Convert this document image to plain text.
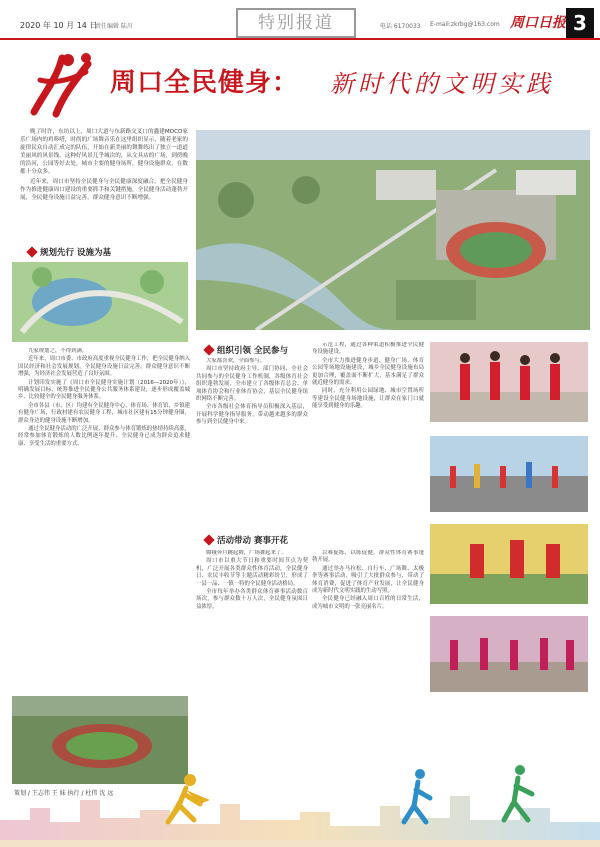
2020 年 10 月 14 日
责任编辑 陆川	特别报道	电话 6170033 E-mail:zkrbg@163.com 周口日报 3
周口全民健身： 新时代的文明实践

晚了时许，东坊以上，周口大道与东新路交叉口的鑫建MOCO家乐广场内的鸡哆嗒，时尚的广场舞音乐在这里组织显示，随着老家的旋律民众自动汇成完的队伍，开始在新美丽的舞舞练出了独立一道道美丽风的风景线。这种好风景几乎城次的，从文具店的广场，到傍晚的沿河，公园等好去处，城市主要的健身场所，健身设施群众，在数都十分众多。

近年来，周口市坚持全民健身与全民健康深度融合，把全民健身作为推进健康周口建设的重要抓手和关键措施，全民健身活动蓬勃开展，全民健身设施日益完善，群众健身意识不断增强。

规划先行 设施为基

九家规划之，不得到满。

近年来，周口市委、市政府高度重视全民健身工作，把全民健身纳入国民经济和社会发展规划，全民健身设施日益完善，群众健身意识不断增强，为经济社会发展营造了良好氛围。

计划印发实施了《周口市全民健身实施计划（2016—2020年）》，明确发展目标，统筹推进全民健身公共服务体系建设，逐步形成覆盖城乡、比较健全的全民健身服务体系。

全市各县（市、区）均建有全民健身中心、体育场、体育馆，乡镇建有健身广场，行政村建有农民健身工程，城市社区建有15分钟健身圈，群众身边的健身设施不断增加。

通过全民健身活动的广泛开展，群众参与体育锻炼的热情持续高涨，经常参加体育锻炼的人数比例逐年提升，全民健身已成为群众追求健康、享受生活的重要方式。

策划 / 王志伟 王 妹 执行 / 杜伟 沈 远
组织引领 全民参与

大家都喜欢，全面参与。

周口市坚持政府主导、部门协同、全社会共同参与的全民健身工作机制，各级体育社会组织蓬勃发展，全市建立了各级体育总会、单项体育协会和行业体育协会，基层全民健身组织网络不断完善。

全市各级社会体育指导员积极深入基层，开展科学健身指导服务，带动越来越多的群众参与到全民健身中来。

示范工程，通过各种渠道积极推进全民健身设施建设。

全市大力推进健身步道、健身广场、体育公园等场地设施建设，城乡全民健身设施布局更加合理，覆盖面不断扩大，基本满足了群众就近健身的需求。

同时，充分利用公园绿地、城市空置场所等建设全民健身场地设施，让群众在家门口就能享受到健身的乐趣。

活动带动 赛事开花

嫦娥奔月跳起舞，广场舞起来了。

周口市以重大节日和重要时间节点为契机，广泛开展各类群众性体育活动，全民健身日、农民丰收节等主题活动精彩纷呈，形成了一县一品、一镇一特的全民健身活动格局。

全市每年举办各类群众体育赛事活动数百场次，参与群众数十万人次，全民健身氛围日益浓厚。

以赛促练，以练促健，群众性体育赛事蓬勃开展。

通过举办马拉松、自行车、广场舞、太极拳等赛事活动，吸引了大批群众参与，带动了体育消费，促进了体育产业发展，让全民健身成为新时代文明实践的生动写照。

全民健身已经融入周口百姓的日常生活，成为城市文明的一张亮丽名片。
